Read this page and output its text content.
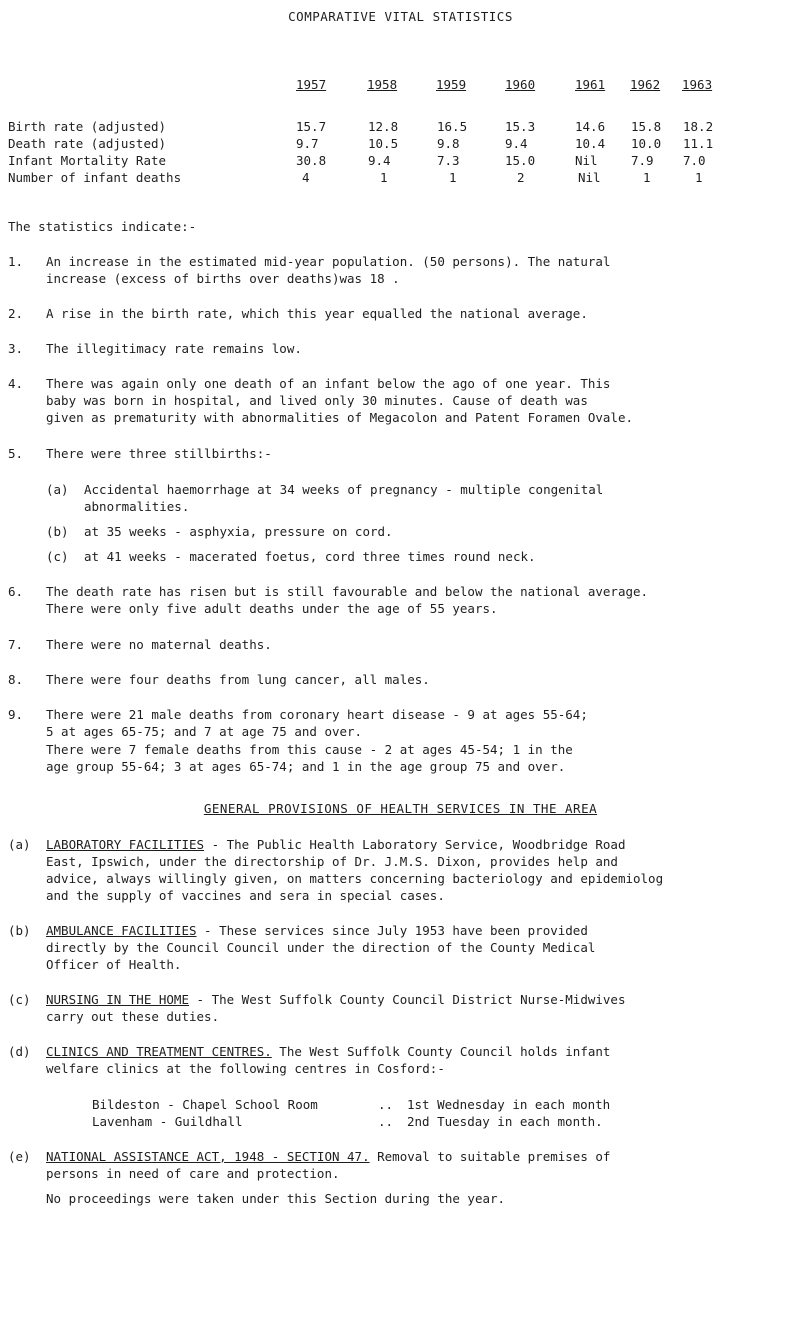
COMPARATIVE VITAL STATISTICS
1957	1958	1959	1960	1961 1962 1963
Birth rate (adjusted)	15.7	12.8	16.5	15.3	14.6 15.8 18.2
Death rate (adjusted)	9.7	10.5	9.8	9.4	10.4 10.0 11.1
Infant Mortality Rate	30.8	9.4	7.3	15.0	Nil	7.9 7.0
Number of infant deaths	4	1	1	2	Nil	1	1
The statistics indicate:-
1. An increase in the estimated mid-year population. (50 persons). The natural
increase (excess of births over deaths)was 18 .
2. A rise in the birth rate, which this year equalled the national average.
3. The illegitimacy rate remains low.
4. There was again only one death of an infant below the ago of one year. This
baby was born in hospital, and lived only 30 minutes. Cause of death was
given as prematurity with abnormalities of Megacolon and Patent Foramen Ovale.
5. There were three stillbirths:-
(a) Accidental haemorrhage at 34 weeks of pregnancy - multiple congenital
abnormalities.
(b) at 35 weeks - asphyxia, pressure on cord.
(c) at 41 weeks - macerated foetus, cord three times round neck.
6. The death rate has risen but is still favourable and below the national average.
There were only five adult deaths under the age of 55 years.
7. There were no maternal deaths.
8. There were four deaths from lung cancer, all males.
9. There were 21 male deaths from coronary heart disease - 9 at ages 55-64;
5 at ages 65-75; and 7 at age 75 and over.
There were 7 female deaths from this cause - 2 at ages 45-54; 1 in the
age group 55-64; 3 at ages 65-74; and 1 in the age group 75 and over.
GENERAL PROVISIONS OF HEALTH SERVICES IN THE AREA
(a) LABORATORY FACILITIES - The Public Health Laboratory Service, Woodbridge Road
East, Ipswich, under the directorship of Dr. J.M.S. Dixon, provides help and
advice, always willingly given, on matters concerning bacteriology and epidemiolog
and the supply of vaccines and sera in special cases.
(b) AMBULANCE FACILITIES - These services since July 1953 have been provided
directly by the Council Council under the direction of the County Medical
Officer of Health.
(c) NURSING IN THE HOME - The West Suffolk County Council District Nurse-Midwives
carry out these duties.
(d) CLINICS AND TREATMENT CENTRES. The West Suffolk County Council holds infant
welfare clinics at the following centres in Cosford:-
Bildeston - Chapel School Room	.. 1st Wednesday in each month
Lavenham - Guildhall	.. 2nd Tuesday in each month.
(e) NATIONAL ASSISTANCE ACT, 1948 - SECTION 47. Removal to suitable premises of
persons in need of care and protection.
No proceedings were taken under this Section during the year.
